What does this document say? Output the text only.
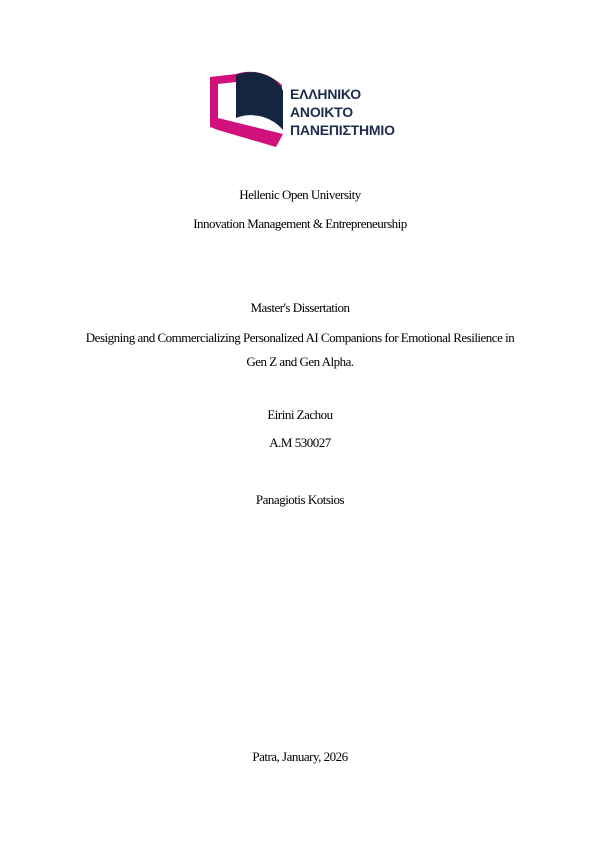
ΕΛΛΗΝΙΚΟ
ΑΝΟΙΚΤΟ
ΠΑΝΕΠΙΣΤΗΜΙΟ
Hellenic Open University
Innovation Management & Entrepreneurship
Master's Dissertation
Designing and Commercializing Personalized AI Companions for Emotional Resilience in
Gen Z and Gen Alpha.
Eirini Zachou
A.M 530027
Panagiotis Kotsios
Patra, January, 2026
